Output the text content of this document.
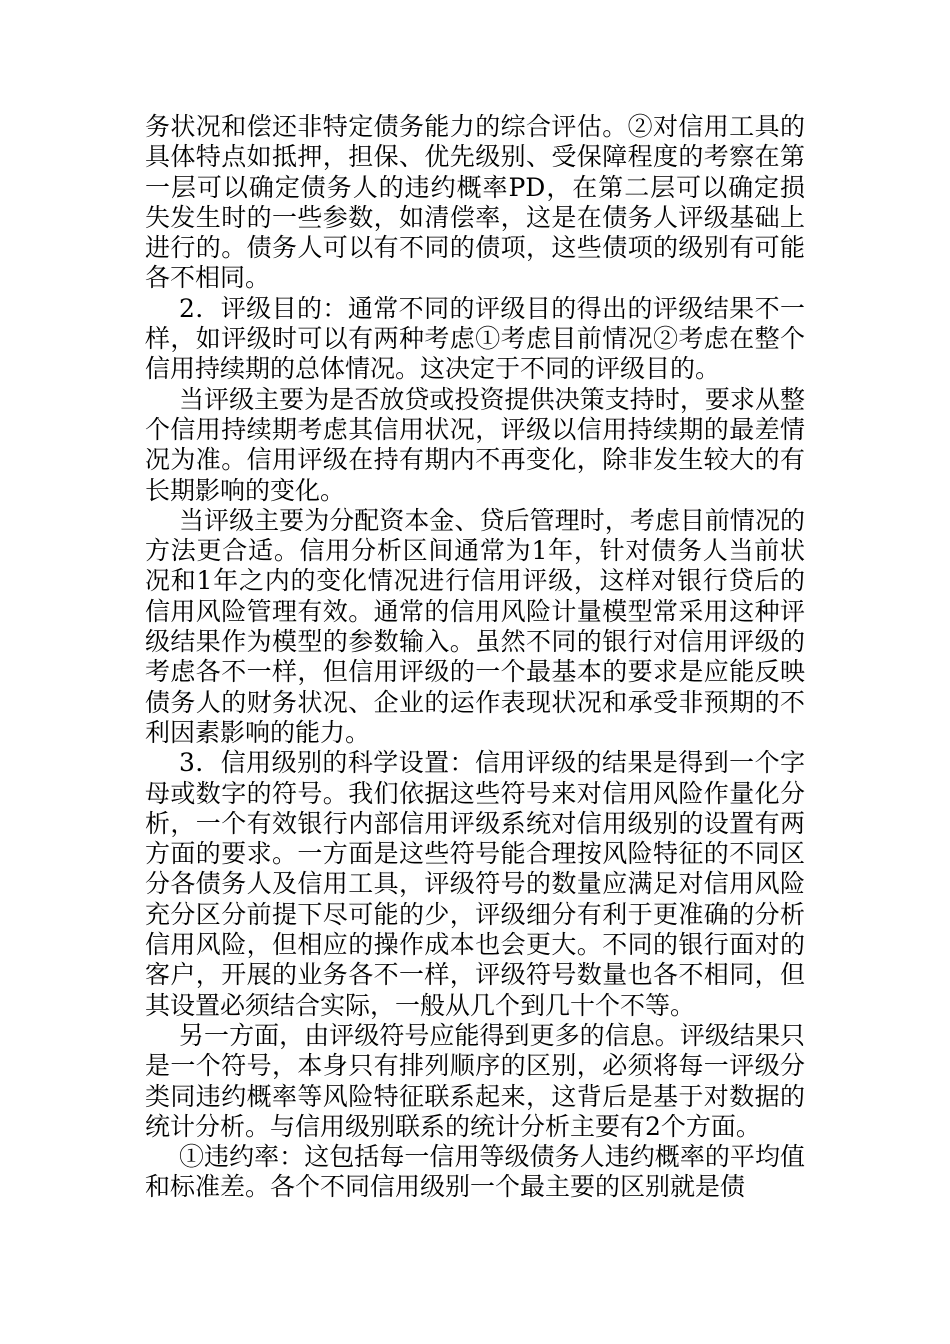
务状况和偿还非特定债务能力的综合评估。②对信用工具的具体特点如抵押，担保、优先级别、受保障程度的考察在第一层可以确定债务人的违约概率PD，在第二层可以确定损失发生时的一些参数，如清偿率，这是在债务人评级基础上进行的。债务人可以有不同的债项，这些债项的级别有可能各不相同。

2．评级目的：通常不同的评级目的得出的评级结果不一样，如评级时可以有两种考虑①考虑目前情况②考虑在整个信用持续期的总体情况。这决定于不同的评级目的。

当评级主要为是否放贷或投资提供决策支持时，要求从整个信用持续期考虑其信用状况，评级以信用持续期的最差情况为准。信用评级在持有期内不再变化，除非发生较大的有长期影响的变化。

当评级主要为分配资本金、贷后管理时，考虑目前情况的方法更合适。信用分析区间通常为1年，针对债务人当前状况和1年之内的变化情况进行信用评级，这样对银行贷后的信用风险管理有效。通常的信用风险计量模型常采用这种评级结果作为模型的参数输入。虽然不同的银行对信用评级的考虑各不一样，但信用评级的一个最基本的要求是应能反映债务人的财务状况、企业的运作表现状况和承受非预期的不利因素影响的能力。

3．信用级别的科学设置：信用评级的结果是得到一个字母或数字的符号。我们依据这些符号来对信用风险作量化分析，一个有效银行内部信用评级系统对信用级别的设置有两方面的要求。一方面是这些符号能合理按风险特征的不同区分各债务人及信用工具，评级符号的数量应满足对信用风险充分区分前提下尽可能的少，评级细分有利于更准确的分析信用风险，但相应的操作成本也会更大。不同的银行面对的客户，开展的业务各不一样，评级符号数量也各不相同，但其设置必须结合实际，一般从几个到几十个不等。

另一方面，由评级符号应能得到更多的信息。评级结果只是一个符号，本身只有排列顺序的区别，必须将每一评级分类同违约概率等风险特征联系起来，这背后是基于对数据的统计分析。与信用级别联系的统计分析主要有2个方面。

①违约率：这包括每一信用等级债务人违约概率的平均值和标准差。各个不同信用级别一个最主要的区别就是债
